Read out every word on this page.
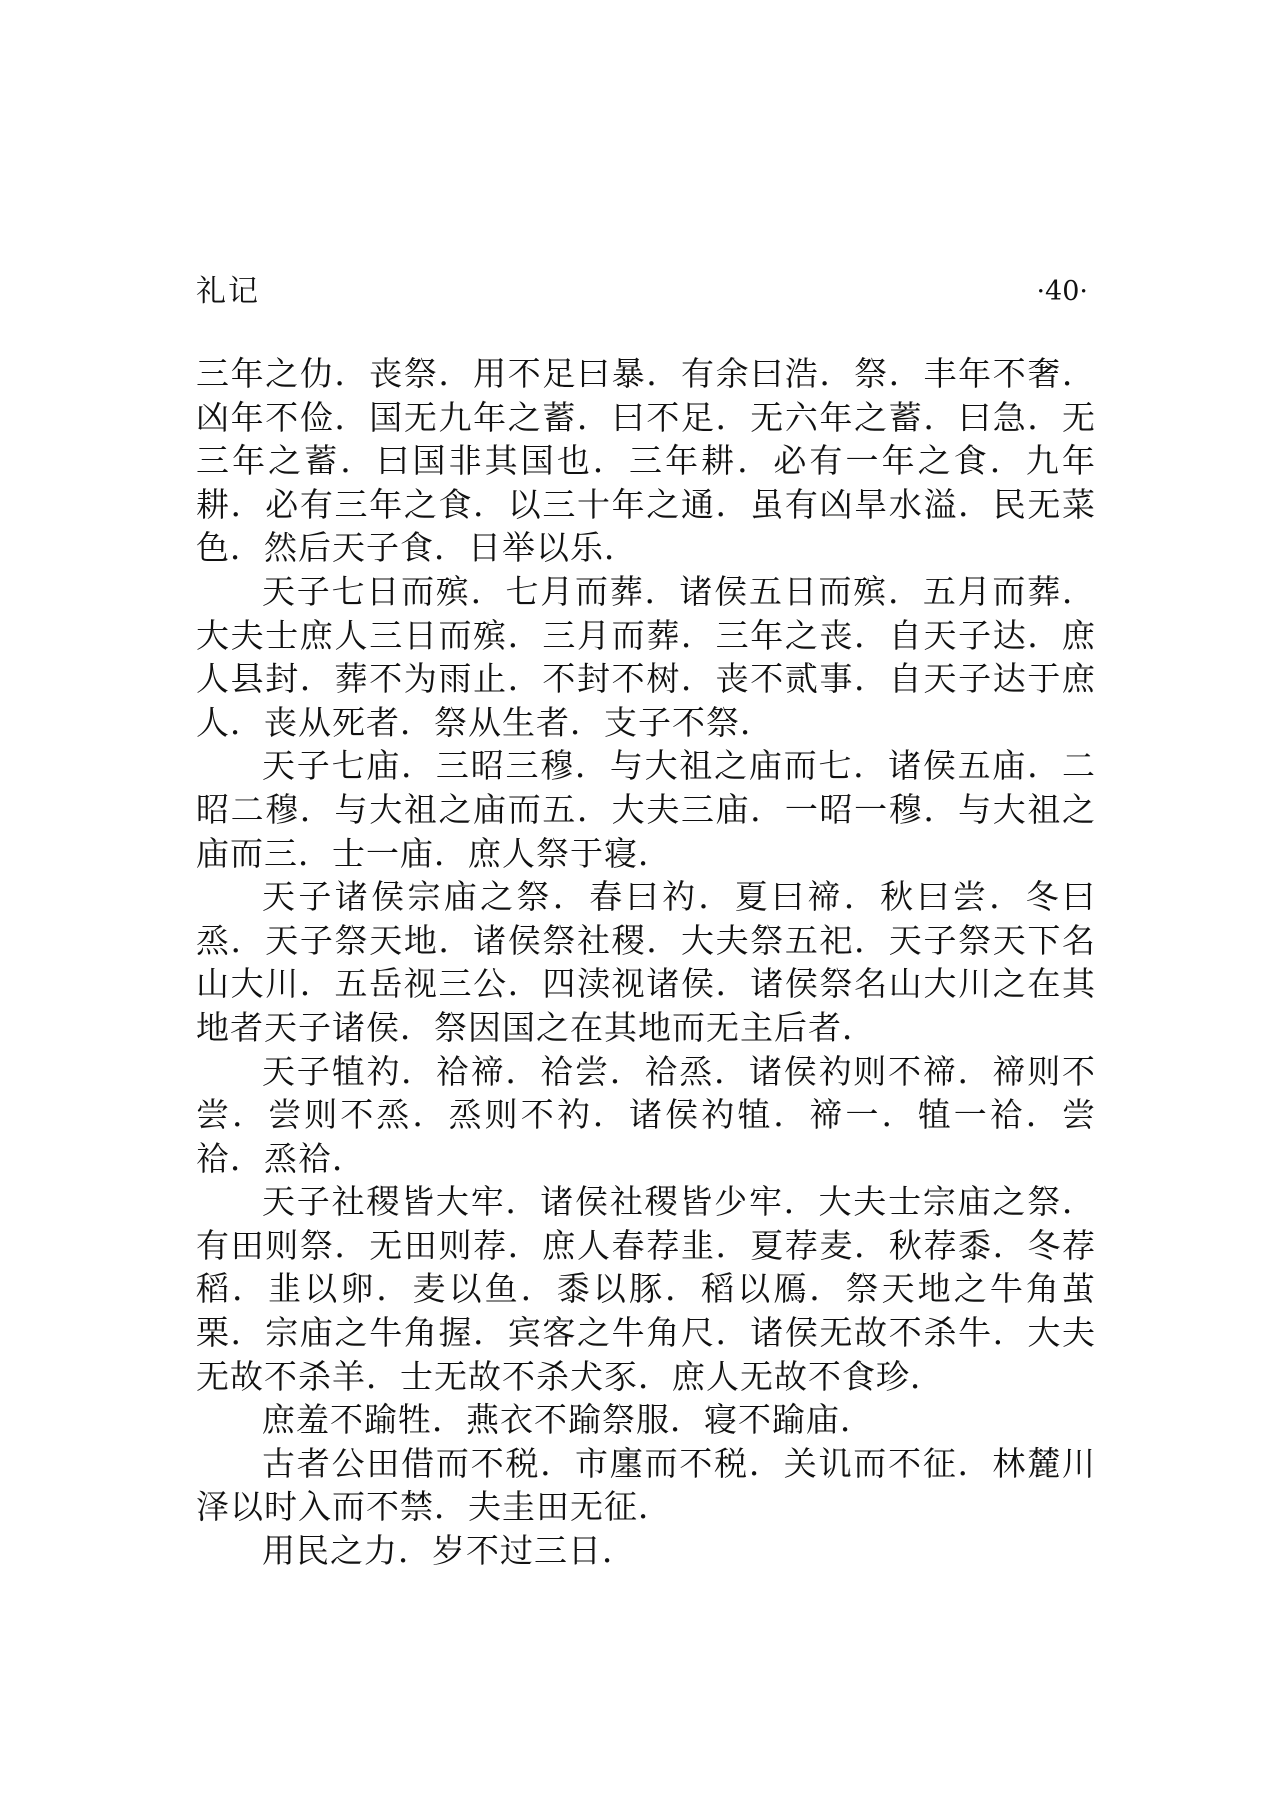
礼记	·40·

三年之仂．丧祭．用不足曰暴．有余曰浩．祭．丰年不奢．凶年不俭．国无九年之蓄．曰不足．无六年之蓄．曰急．无三年之蓄．曰国非其国也．三年耕．必有一年之食．九年耕．必有三年之食．以三十年之通．虽有凶旱水溢．民无菜色．然后天子食．日举以乐．

天子七日而殡．七月而葬．诸侯五日而殡．五月而葬．大夫士庶人三日而殡．三月而葬．三年之丧．自天子达．庶人县封．葬不为雨止．不封不树．丧不贰事．自天子达于庶人．丧从死者．祭从生者．支子不祭．

天子七庙．三昭三穆．与大祖之庙而七．诸侯五庙．二昭二穆．与大祖之庙而五．大夫三庙．一昭一穆．与大祖之庙而三．士一庙．庶人祭于寝．

天子诸侯宗庙之祭．春曰礿．夏曰禘．秋曰尝．冬曰烝．天子祭天地．诸侯祭社稷．大夫祭五祀．天子祭天下名山大川．五岳视三公．四渎视诸侯．诸侯祭名山大川之在其地者天子诸侯．祭因国之在其地而无主后者．

天子犆礿．祫禘．祫尝．祫烝．诸侯礿则不禘．禘则不尝．尝则不烝．烝则不礿．诸侯礿犆．禘一．犆一祫．尝祫．烝祫．

天子社稷皆大牢．诸侯社稷皆少牢．大夫士宗庙之祭．有田则祭．无田则荐．庶人春荐韭．夏荐麦．秋荐黍．冬荐稻．韭以卵．麦以鱼．黍以豚．稻以鴈．祭天地之牛角茧栗．宗庙之牛角握．宾客之牛角尺．诸侯无故不杀牛．大夫无故不杀羊．士无故不杀犬豕．庶人无故不食珍．

庶羞不踰牲．燕衣不踰祭服．寝不踰庙．

古者公田借而不税．市廛而不税．关讥而不征．林麓川泽以时入而不禁．夫圭田无征．

用民之力．岁不过三日．
